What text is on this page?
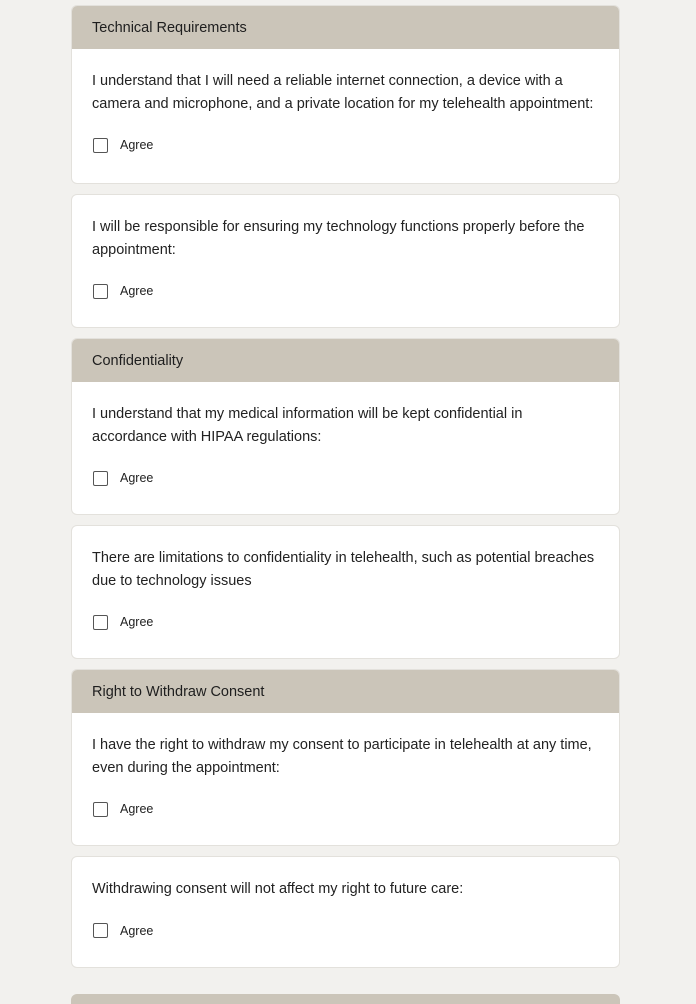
Technical Requirements

I understand that I will need a reliable internet connection, a device with a camera and microphone, and a private location for my telehealth appointment:

Agree

I will be responsible for ensuring my technology functions properly before the appointment:

Agree
Confidentiality

I understand that my medical information will be kept confidential in accordance with HIPAA regulations:

Agree

There are limitations to confidentiality in telehealth, such as potential breaches due to technology issues

Agree
Right to Withdraw Consent

I have the right to withdraw my consent to participate in telehealth at any time, even during the appointment:

Agree

Withdrawing consent will not affect my right to future care:

Agree
